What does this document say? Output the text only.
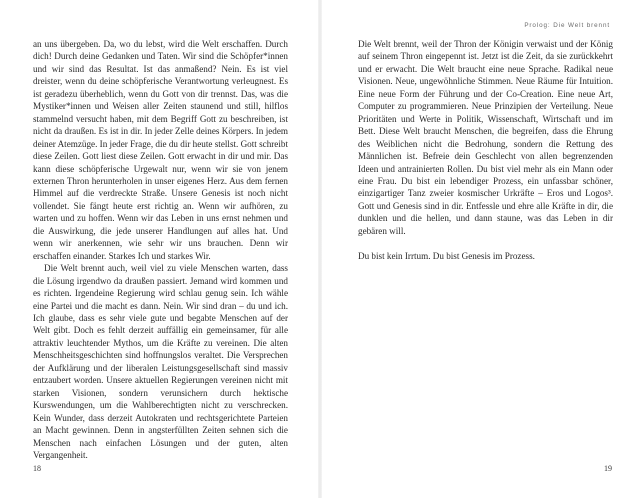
an uns übergeben. Da, wo du lebst, wird die Welt erschaffen. Durch dich! Durch deine Gedanken und Taten. Wir sind die Schöpfer*innen und wir sind das Resultat. Ist das anmaßend? Nein. Es ist viel dreister, wenn du deine schöpferische Verantwortung verleugnest. Es ist geradezu überheblich, wenn du Gott von dir trennst. Das, was die Mystiker*innen und Weisen aller Zeiten staunend und still, hilflos stammelnd versucht haben, mit dem Begriff Gott zu beschreiben, ist nicht da draußen. Es ist in dir. In jeder Zelle deines Körpers. In jedem deiner Atemzüge. In jeder Frage, die du dir heute stellst. Gott schreibt diese Zeilen. Gott liest diese Zeilen. Gott erwacht in dir und mir. Das kann diese schöpferische Urgewalt nur, wenn wir sie von jenem externen Thron herunterholen in unser eigenes Herz. Aus dem fernen Himmel auf die verdreckte Straße. Unsere Genesis ist noch nicht vollendet. Sie fängt heute erst richtig an. Wenn wir aufhören, zu warten und zu hoffen. Wenn wir das Leben in uns ernst nehmen und die Auswirkung, die jede unserer Handlungen auf alles hat. Und wenn wir anerkennen, wie sehr wir uns brauchen. Denn wir erschaffen einander. Starkes Ich und starkes Wir.

Die Welt brennt auch, weil viel zu viele Menschen warten, dass die Lösung irgendwo da draußen passiert. Jemand wird kommen und es richten. Irgendeine Regierung wird schlau genug sein. Ich wähle eine Partei und die macht es dann. Nein. Wir sind dran – du und ich. Ich glaube, dass es sehr viele gute und begabte Menschen auf der Welt gibt. Doch es fehlt derzeit auffällig ein gemeinsamer, für alle attraktiv leuchtender Mythos, um die Kräfte zu vereinen. Die alten Menschheitsgeschichten sind hoffnungslos veraltet. Die Versprechen der Aufklärung und der liberalen Leistungsgesellschaft sind massiv entzaubert worden. Unsere aktuellen Regierungen vereinen nicht mit starken Visionen, sondern verunsichern durch hektische Kurswendungen, um die Wahlberechtigten nicht zu verschrecken. Kein Wunder, dass derzeit Autokraten und rechtsgerichtete Parteien an Macht gewinnen. Denn in angsterfüllten Zeiten sehnen sich die Menschen nach einfachen Lösungen und der guten, alten Vergangenheit.

18
Prolog: Die Welt brennt

Die Welt brennt, weil der Thron der Königin verwaist und der König auf seinem Thron eingepennt ist. Jetzt ist die Zeit, da sie zurückkehrt und er erwacht. Die Welt braucht eine neue Sprache. Radikal neue Visionen. Neue, ungewöhnliche Stimmen. Neue Räume für Intuition. Eine neue Form der Führung und der Co-Creation. Eine neue Art, Computer zu programmieren. Neue Prinzipien der Verteilung. Neue Prioritäten und Werte in Politik, Wissenschaft, Wirtschaft und im Bett. Diese Welt braucht Menschen, die begreifen, dass die Ehrung des Weiblichen nicht die Bedrohung, sondern die Rettung des Männlichen ist. Befreie dein Geschlecht von allen begrenzenden Ideen und antrainierten Rollen. Du bist viel mehr als ein Mann oder eine Frau. Du bist ein lebendiger Prozess, ein unfassbar schöner, einzigartiger Tanz zweier kosmischer Urkräfte – Eros und Logos³. Gott und Genesis sind in dir. Entfessle und ehre alle Kräfte in dir, die dunklen und die hellen, und dann staune, was das Leben in dir gebären will.

Du bist kein Irrtum. Du bist Genesis im Prozess.

19
